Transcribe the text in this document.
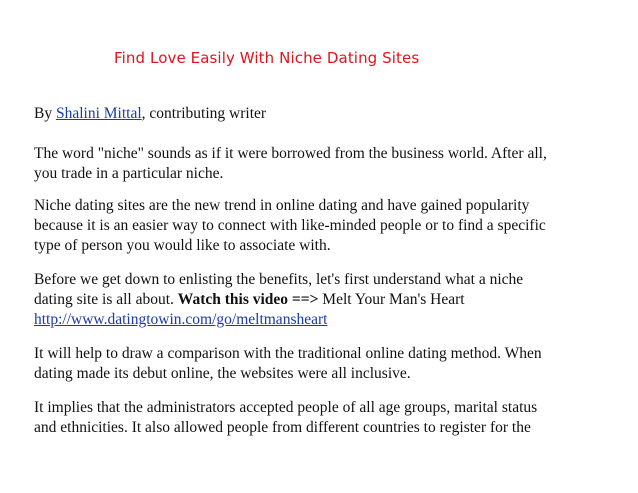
Find Love Easily With Niche Dating Sites

By Shalini Mittal, contributing writer

The word "niche" sounds as if it were borrowed from the business world. After all,
you trade in a particular niche.

Niche dating sites are the new trend in online dating and have gained popularity
because it is an easier way to connect with like-minded people or to find a specific
type of person you would like to associate with.

Before we get down to enlisting the benefits, let's first understand what a niche
dating site is all about. Watch this video ==> Melt Your Man's Heart
http://www.datingtowin.com/go/meltmansheart

It will help to draw a comparison with the traditional online dating method. When
dating made its debut online, the websites were all inclusive.

It implies that the administrators accepted people of all age groups, marital status
and ethnicities. It also allowed people from different countries to register for the
